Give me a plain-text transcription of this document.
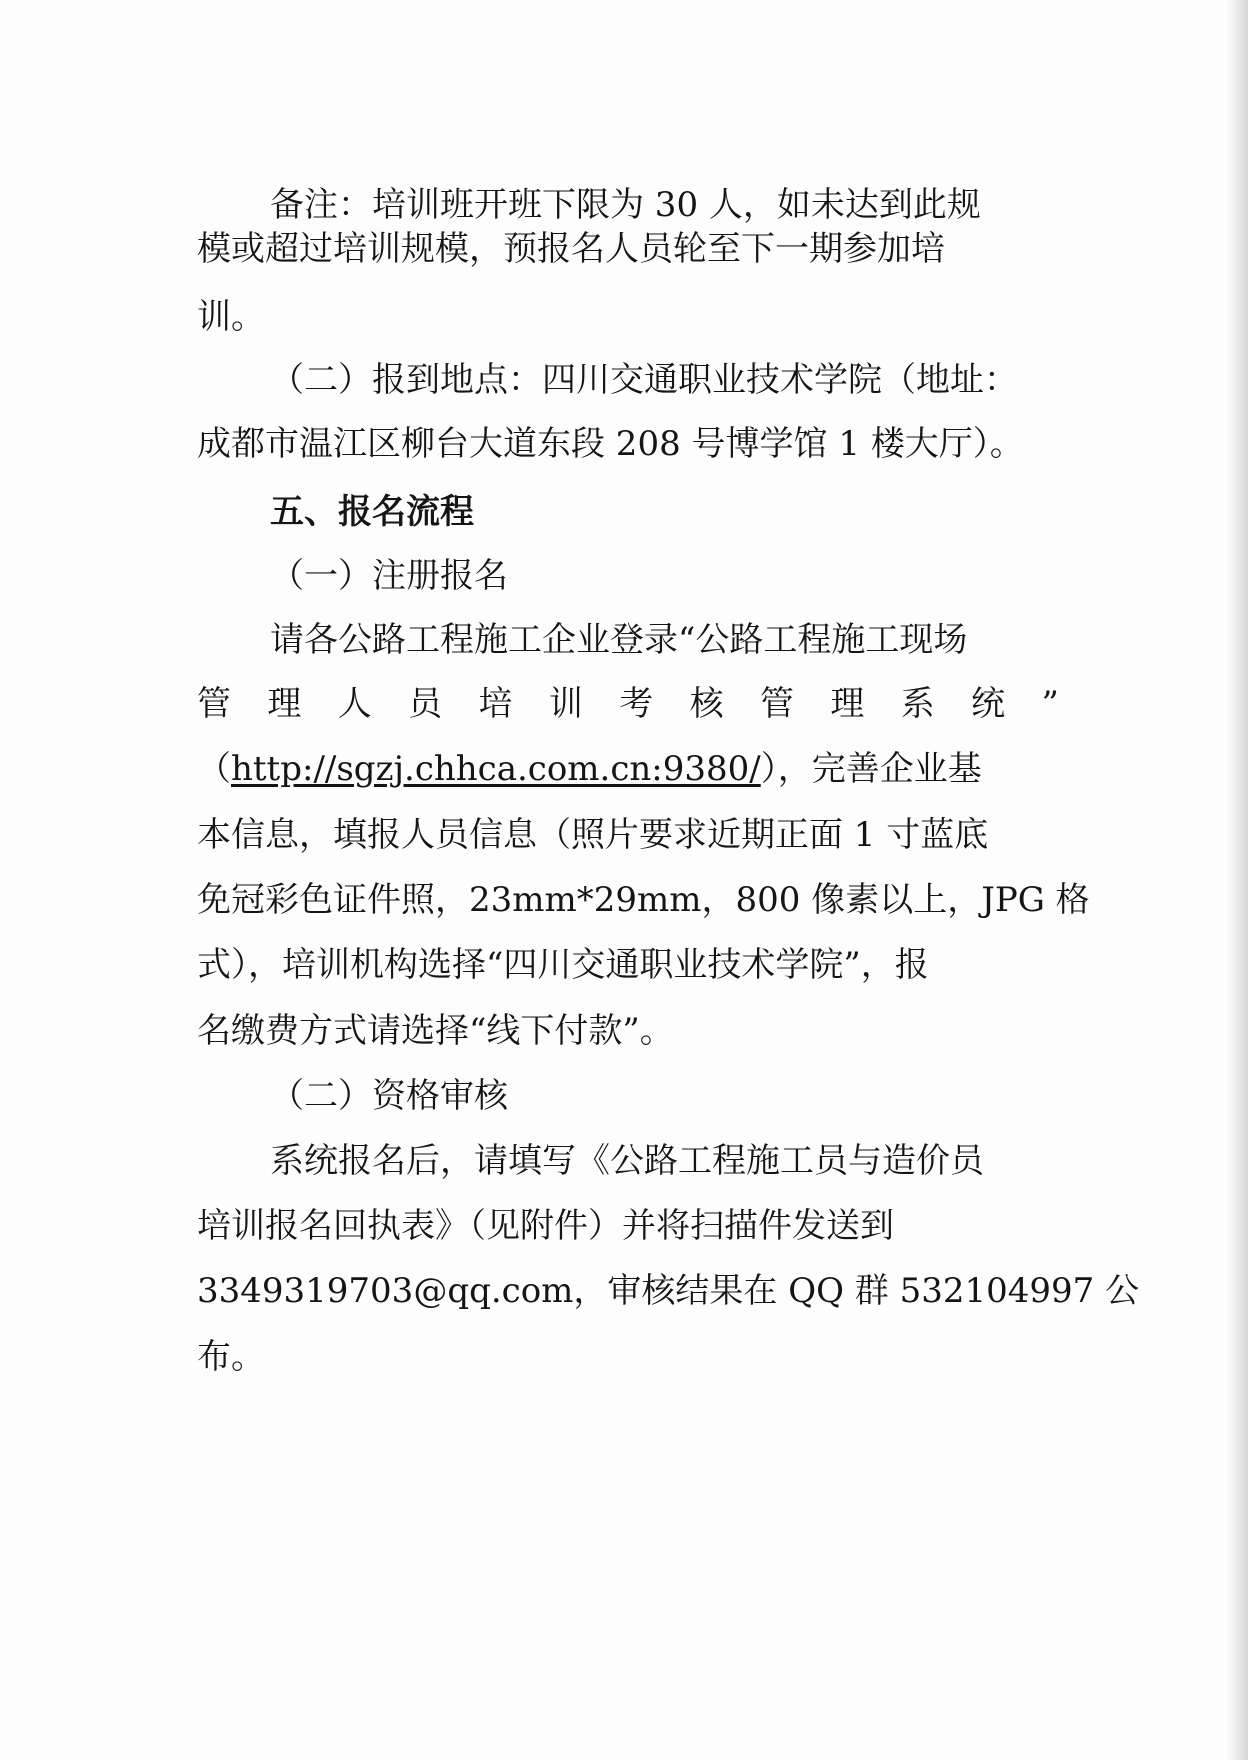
备注：培训班开班下限为 30 人，如未达到此规
模或超过培训规模，预报名人员轮至下一期参加培
训。
（二）报到地点：四川交通职业技术学院（地址：
成都市温江区柳台大道东段 208 号博学馆 1 楼大厅）。
五、报名流程
（一）注册报名
请各公路工程施工企业登录“公路工程施工现场
管 理 人 员 培 训 考 核 管 理 系 统 ”
（http://sgzj.chhca.com.cn:9380/），完善企业基
本信息，填报人员信息（照片要求近期正面 1 寸蓝底
免冠彩色证件照，23mm*29mm，800 像素以上，JPG 格
式），培训机构选择“四川交通职业技术学院”，报
名缴费方式请选择“线下付款”。
（二）资格审核
系统报名后，请填写《公路工程施工员与造价员
培训报名回执表》（见附件）并将扫描件发送到
3349319703@qq.com，审核结果在 QQ 群 532104997 公
布。
